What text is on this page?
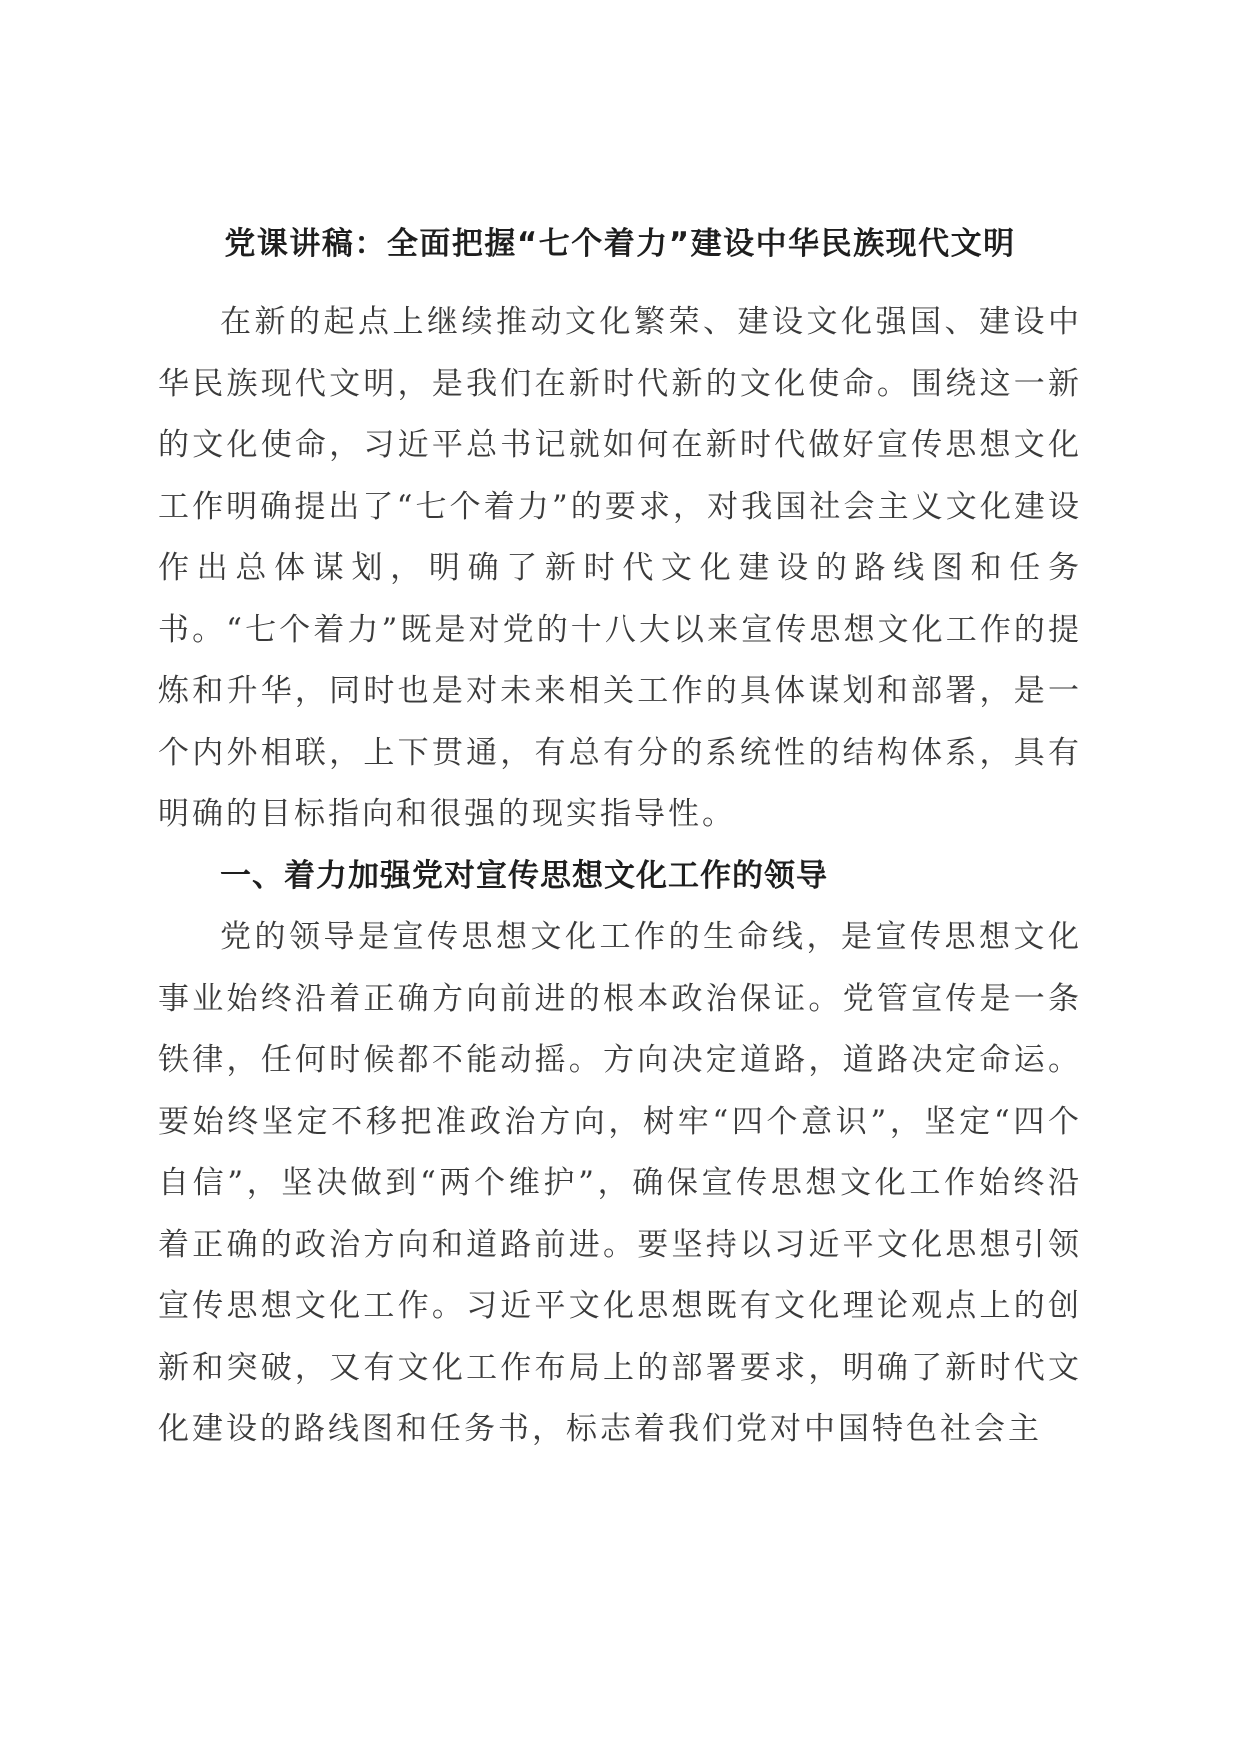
党课讲稿：全面把握“七个着力”建设中华民族现代文明

在新的起点上继续推动文化繁荣、建设文化强国、建设中华民族现代文明，是我们在新时代新的文化使命。围绕这一新的文化使命，习近平总书记就如何在新时代做好宣传思想文化工作明确提出了“七个着力”的要求，对我国社会主义文化建设作出总体谋划，明确了新时代文化建设的路线图和任务书。“七个着力”既是对党的十八大以来宣传思想文化工作的提炼和升华，同时也是对未来相关工作的具体谋划和部署，是一个内外相联，上下贯通，有总有分的系统性的结构体系，具有明确的目标指向和很强的现实指导性。

一、着力加强党对宣传思想文化工作的领导

党的领导是宣传思想文化工作的生命线，是宣传思想文化事业始终沿着正确方向前进的根本政治保证。党管宣传是一条铁律，任何时候都不能动摇。方向决定道路，道路决定命运。要始终坚定不移把准政治方向，树牢“四个意识”，坚定“四个自信”，坚决做到“两个维护”，确保宣传思想文化工作始终沿着正确的政治方向和道路前进。要坚持以习近平文化思想引领宣传思想文化工作。习近平文化思想既有文化理论观点上的创新和突破，又有文化工作布局上的部署要求，明确了新时代文化建设的路线图和任务书，标志着我们党对中国特色社会主
